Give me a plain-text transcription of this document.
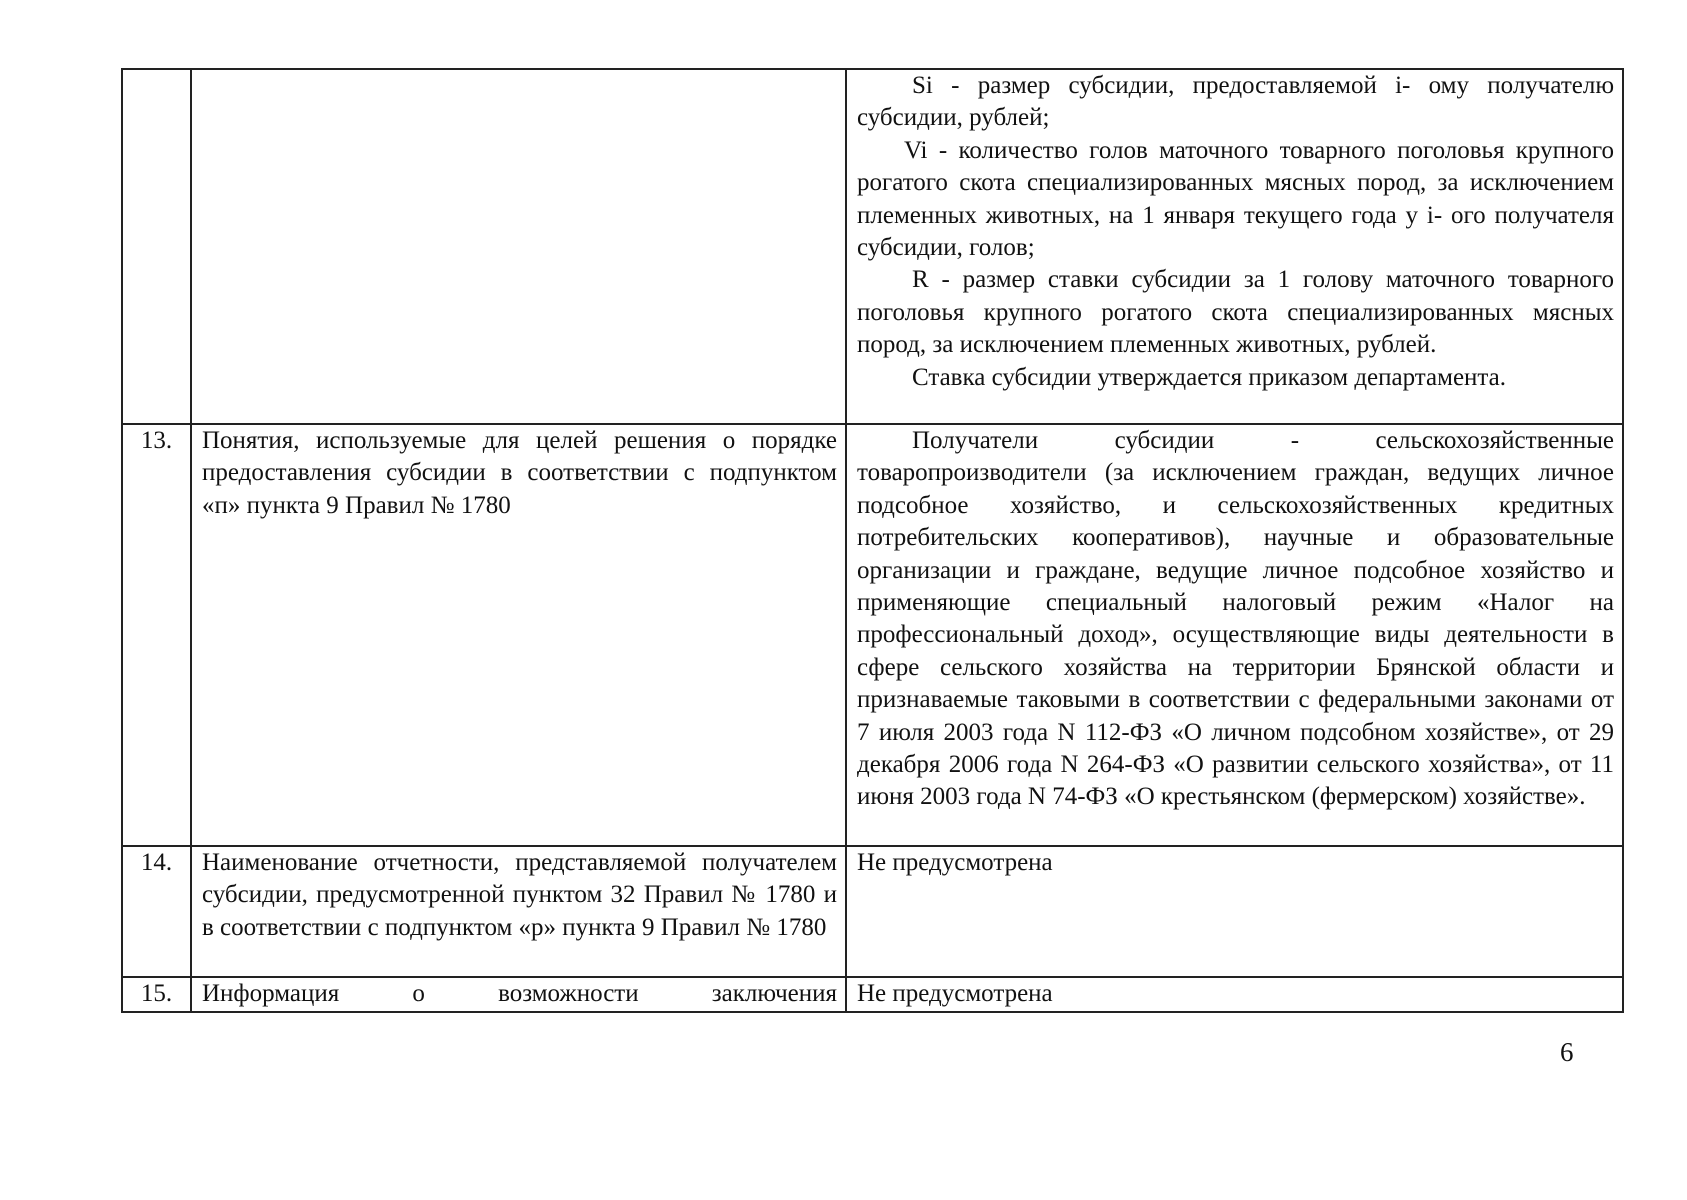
		Si - размер субсидии, предоставляемой i- ому получателю субсидии, рублей;

Vi - количество голов маточного товарного поголовья крупного рогатого скота специализированных мясных пород, за исключением племенных животных, на 1 января текущего года у i- ого получателя субсидии, голов;

R - размер ставки субсидии за 1 голову маточного товарного поголовья крупного рогатого скота специализированных мясных пород, за исключением племенных животных, рублей.

Ставка субсидии утверждается приказом департамента.

13.	Понятия, используемые для целей решения о порядке предоставления субсидии в соответствии с подпунктом «п» пункта 9 Правил № 1780	Получатели субсидии - сельскохозяйственные товаропроизводители (за исключением граждан, ведущих личное подсобное хозяйство, и сельскохозяйственных кредитных потребительских кооперативов), научные и образовательные организации и граждане, ведущие личное подсобное хозяйство и применяющие специальный налоговый режим «Налог на профессиональный доход», осуществляющие виды деятельности в сфере сельского хозяйства на территории Брянской области и признаваемые таковыми в соответствии с федеральными законами от 7 июля 2003 года N 112-ФЗ «О личном подсобном хозяйстве», от 29 декабря 2006 года N 264-ФЗ «О развитии сельского хозяйства», от 11 июня 2003 года N 74-ФЗ «О крестьянском (фермерском) хозяйстве».

14.	Наименование отчетности, представляемой получателем субсидии, предусмотренной пунктом 32 Правил № 1780 и в соответствии с подпунктом «р» пункта 9 Правил № 1780	Не предусмотрена

15.	Информация о возможности заключения	Не предусмотрена

6
